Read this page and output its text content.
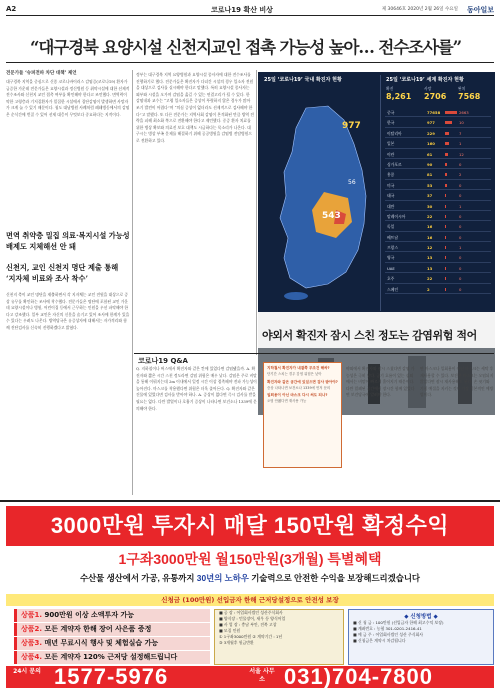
A2	코로나19 확산 비상	제 30646호 2020년 2월 26일 수요일 동아일보
“대구경북 요양시설 신천지교인 접촉 가능성 높아… 전수조사를”
전문가들 ‘슈퍼전파 차단 대책’ 제언
대구경북 지역을 중심으로 신종 코로나바이러스 감염증(코로나19) 환자가 급증한 가운데 전문가들은 요양시설과 정신병원 등 취약시설에 대한 선제적 전수조사와 신천지 교인 접촉 여부를 확인해야 한다고 조언했다. 면역력이 약한 고령층과 기저질환자가 밀집한 시설에서 집단감염이 발생하면 사망자가 크게 늘 수 있기 때문이다. 청도 대남병원 사례처럼 폐쇄병동에서의 감염은 순식간에 번질 수 있어 선제 대응이 무엇보다 중요하다는 지적이다.
면역 취약층 밀집 의료·복지시설 가능성 배제도 지체해선 안 돼
신천지, 교인 신천지 명단 제출 통해 ‘지자체 비료와 조사 착수’
신천지 측이 교인 명단을 제출하면서 각 지자체는 교인 전원을 대상으로 증상 유무를 확인하는 조사에 착수했다. 전문가들은 명단에 포함된 교인 가운데 요양시설이나 병원, 어린이집 등에서 근무하는 인원을 우선 파악해야 한다고 강조했다. 일부 교인은 자신의 신분을 숨기고 있어 조사에 한계가 있을 수 있다는 우려도 나온다. 방역당국은 유증상자에 대해서는 자가격리와 함께 진단검사를 신속히 진행하겠다고 밝혔다.
정부는 대구경북 지역 요양병원과 요양시설 종사자에 대한 전수조사를 진행하기로 했다. 전문가들은 확진자가 다녀간 시설의 경우 입소자 전원을 대상으로 검사를 실시해야 한다고 말했다. 특히 요양시설 종사자는 외부와 시설을 오가며 감염을 옮길 수 있는 연결고리가 될 수 있다. 한 감염내과 교수는 “고령 입소자들은 증상이 뚜렷하지 않은 경우가 많아 조기 발견이 어렵다”며 “의심 증상이 없더라도 선제적으로 검사해야 한다”고 말했다. 또 다른 전문가는 지역사회 감염이 본격화된 만큼 방역 전략을 피해 최소화 쪽으로 전환해야 한다고 제언했다. 중증 환자 치료를 위한 병상 확보와 의료진 보호 대책도 시급하다는 목소리가 나온다. 대구시는 병상 부족 문제를 해결하기 위해 공공병원을 감염병 전담병원으로 전환하고 있다.
25일 ‘코로나19’ 국내 확진자 현황	25일 ‘코로나19’ 세계 확진자 현황
977
543
56
확진
8,261
사망
2706
완치
7568
중국	77658	2663
한국	977	10
이탈리아	229	7
일본	160	1
이란	61	12
싱가포르	90	0
홍콩	81	2
미국	53	0
태국	37	0
대만	30	1
말레이시아	22	0
독일	16	0
베트남	16	0
프랑스	12	1
영국	13	0
UAE	13	0
호주	22	0
스페인	2	0
야외서 확진자 잠시 스친 정도는 감염위험 적어
코로나19 Q&A
Q. 지하철이나 버스에서 확진자와 같은 칸에 있었다면 감염됐을까. A. 확진자와 짧은 시간 스친 정도라면 감염 위험은 매우 낮다. 감염은 주로 비말을 통해 이뤄지는데 2m 이내에서 일정 시간 이상 접촉해야 전파 가능성이 높아진다. 마스크를 착용했다면 위험은 더욱 줄어든다. Q. 확진자와 같은 건물에 있었다면 검사를 받아야 하나. A. 증상이 없다면 즉시 검사를 받을 필요는 없다. 다만 발열이나 호흡기 증상이 나타나면 보건소나 1339에 문의해야 한다.
지하철서 확진자가 내곁쪽 무조건 해싸?
단기간 스치는 경우 감염 위험은 낮아
확진자와 같은 공간에 있었으면 검사 받아야?
증상 나타나면 보건소나 1339에 먼저 문의
일회용이 아닌 마스크 다시 써도 되나?
오염 안됐다면 재사용 가능
야외에서 확진자와 잠시 스쳤다면 감염 가능성은 극히 낮다. 공기 흐름이 있는 실외에서는 비말이 빠르게 흩어지기 때문이다. 다만 밀폐된 공간에서 장시간 함께 있었다면 보건당국에 알려야 한다.
면 마스크나 일회용이 아닌 마스크는 세탁 후 재사용할 수 있다. 보건용 마스크는 오염되지 않았다면 잠시 재사용해도 된다. 손 씻기와 기침 예절을 지키는 것이 가장 기본적인 예방법이다.
3000만원 투자시 매달 150만원 확정수익
1구좌3000만원 월150만원(3개월) 특별혜택
수산물 생산에서 가공, 유통까지 30년의 노하우 기술력으로 안전한 수익을 보장해드리겠습니다
신청금 (100만원) 선입금자 한해 근저당설정으로 안전성 보장
상품1. 900만원 이상 소액투자 가능
상품2. 모든 계약자 한해 장어 사은품 증정
상품3. 매년 무료시식 행사 및 체험실습 가능
상품4. 모든 계약자 120% 근저당 설정해드립니다
■ 공 장 : 어업회사법인 성산주식회사
■ 양식장 : 민물장어, 새우 등 양식어업
■ 사 업 장 : 충남 부안, 전북 고창
■ 모집 인원
① 1구좌3000만원 ② 계약기간 : 1년
③ 3개월후 원금반환
◆ 신청방법 ◆
■ 신 청 금 : 100만원 (선입금자 한해 최고수익 보장)
■ 계좌번호 : 농협 301-0201-2416-41
■ 예 금 주 : 어업회사법인 성산 주식회사
■ 신청금은 계약시 차감됩니다
24시 문의 1577-5976	서울 사무소 031)704-7800
